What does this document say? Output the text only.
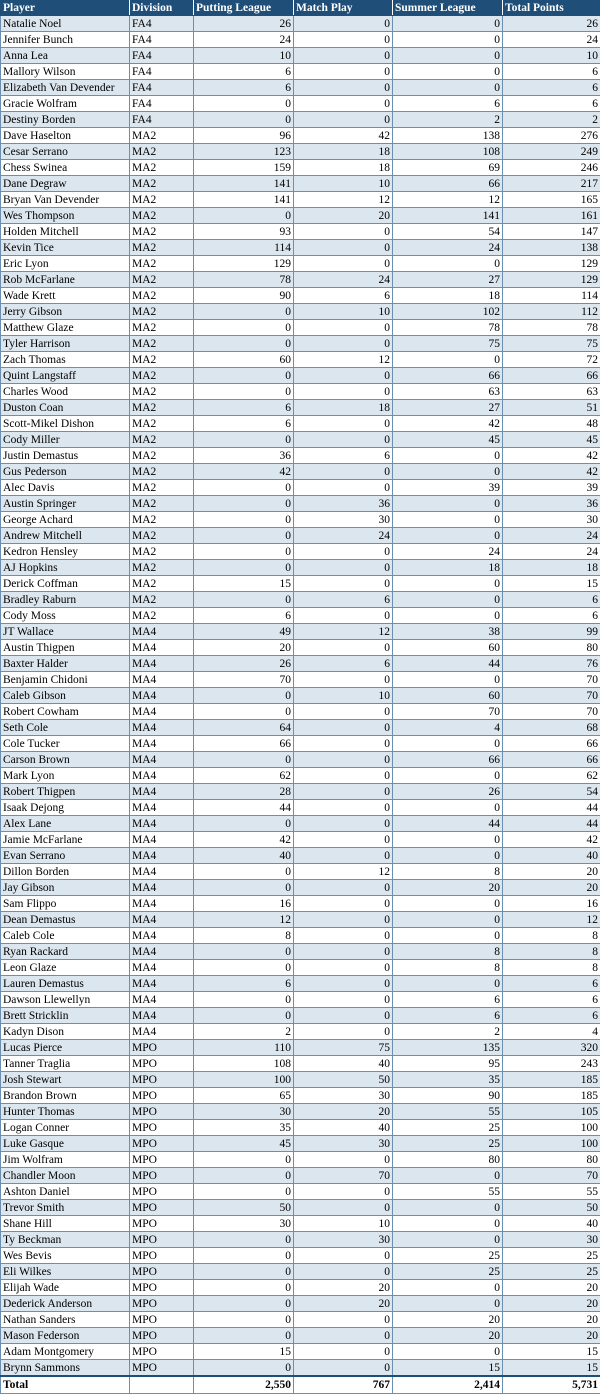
Player	Division	Putting League	Match Play	Summer League	Total Points
Natalie Noel	FA4	26	0	0	26
Jennifer Bunch	FA4	24	0	0	24
Anna Lea	FA4	10	0	0	10
Mallory Wilson	FA4	6	0	0	6
Elizabeth Van Devender	FA4	6	0	0	6
Gracie Wolfram	FA4	0	0	6	6
Destiny Borden	FA4	0	0	2	2
Dave Haselton	MA2	96	42	138	276
Cesar Serrano	MA2	123	18	108	249
Chess Swinea	MA2	159	18	69	246
Dane Degraw	MA2	141	10	66	217
Bryan Van Devender	MA2	141	12	12	165
Wes Thompson	MA2	0	20	141	161
Holden Mitchell	MA2	93	0	54	147
Kevin Tice	MA2	114	0	24	138
Eric Lyon	MA2	129	0	0	129
Rob McFarlane	MA2	78	24	27	129
Wade Krett	MA2	90	6	18	114
Jerry Gibson	MA2	0	10	102	112
Matthew Glaze	MA2	0	0	78	78
Tyler Harrison	MA2	0	0	75	75
Zach Thomas	MA2	60	12	0	72
Quint Langstaff	MA2	0	0	66	66
Charles Wood	MA2	0	0	63	63
Duston Coan	MA2	6	18	27	51
Scott-Mikel Dishon	MA2	6	0	42	48
Cody Miller	MA2	0	0	45	45
Justin Demastus	MA2	36	6	0	42
Gus Pederson	MA2	42	0	0	42
Alec Davis	MA2	0	0	39	39
Austin Springer	MA2	0	36	0	36
George Achard	MA2	0	30	0	30
Andrew Mitchell	MA2	0	24	0	24
Kedron Hensley	MA2	0	0	24	24
AJ Hopkins	MA2	0	0	18	18
Derick Coffman	MA2	15	0	0	15
Bradley Raburn	MA2	0	6	0	6
Cody Moss	MA2	6	0	0	6
JT Wallace	MA4	49	12	38	99
Austin Thigpen	MA4	20	0	60	80
Baxter Halder	MA4	26	6	44	76
Benjamin Chidoni	MA4	70	0	0	70
Caleb Gibson	MA4	0	10	60	70
Robert Cowham	MA4	0	0	70	70
Seth Cole	MA4	64	0	4	68
Cole Tucker	MA4	66	0	0	66
Carson Brown	MA4	0	0	66	66
Mark Lyon	MA4	62	0	0	62
Robert Thigpen	MA4	28	0	26	54
Isaak Dejong	MA4	44	0	0	44
Alex Lane	MA4	0	0	44	44
Jamie McFarlane	MA4	42	0	0	42
Evan Serrano	MA4	40	0	0	40
Dillon Borden	MA4	0	12	8	20
Jay Gibson	MA4	0	0	20	20
Sam Flippo	MA4	16	0	0	16
Dean Demastus	MA4	12	0	0	12
Caleb Cole	MA4	8	0	0	8
Ryan Rackard	MA4	0	0	8	8
Leon Glaze	MA4	0	0	8	8
Lauren Demastus	MA4	6	0	0	6
Dawson Llewellyn	MA4	0	0	6	6
Brett Stricklin	MA4	0	0	6	6
Kadyn Dison	MA4	2	0	2	4
Lucas Pierce	MPO	110	75	135	320
Tanner Traglia	MPO	108	40	95	243
Josh Stewart	MPO	100	50	35	185
Brandon Brown	MPO	65	30	90	185
Hunter Thomas	MPO	30	20	55	105
Logan Conner	MPO	35	40	25	100
Luke Gasque	MPO	45	30	25	100
Jim Wolfram	MPO	0	0	80	80
Chandler Moon	MPO	0	70	0	70
Ashton Daniel	MPO	0	0	55	55
Trevor Smith	MPO	50	0	0	50
Shane Hill	MPO	30	10	0	40
Ty Beckman	MPO	0	30	0	30
Wes Bevis	MPO	0	0	25	25
Eli Wilkes	MPO	0	0	25	25
Elijah Wade	MPO	0	20	0	20
Dederick Anderson	MPO	0	20	0	20
Nathan Sanders	MPO	0	0	20	20
Mason Federson	MPO	0	0	20	20
Adam Montgomery	MPO	15	0	0	15
Brynn Sammons	MPO	0	0	15	15
Total		2,550	767	2,414	5,731
